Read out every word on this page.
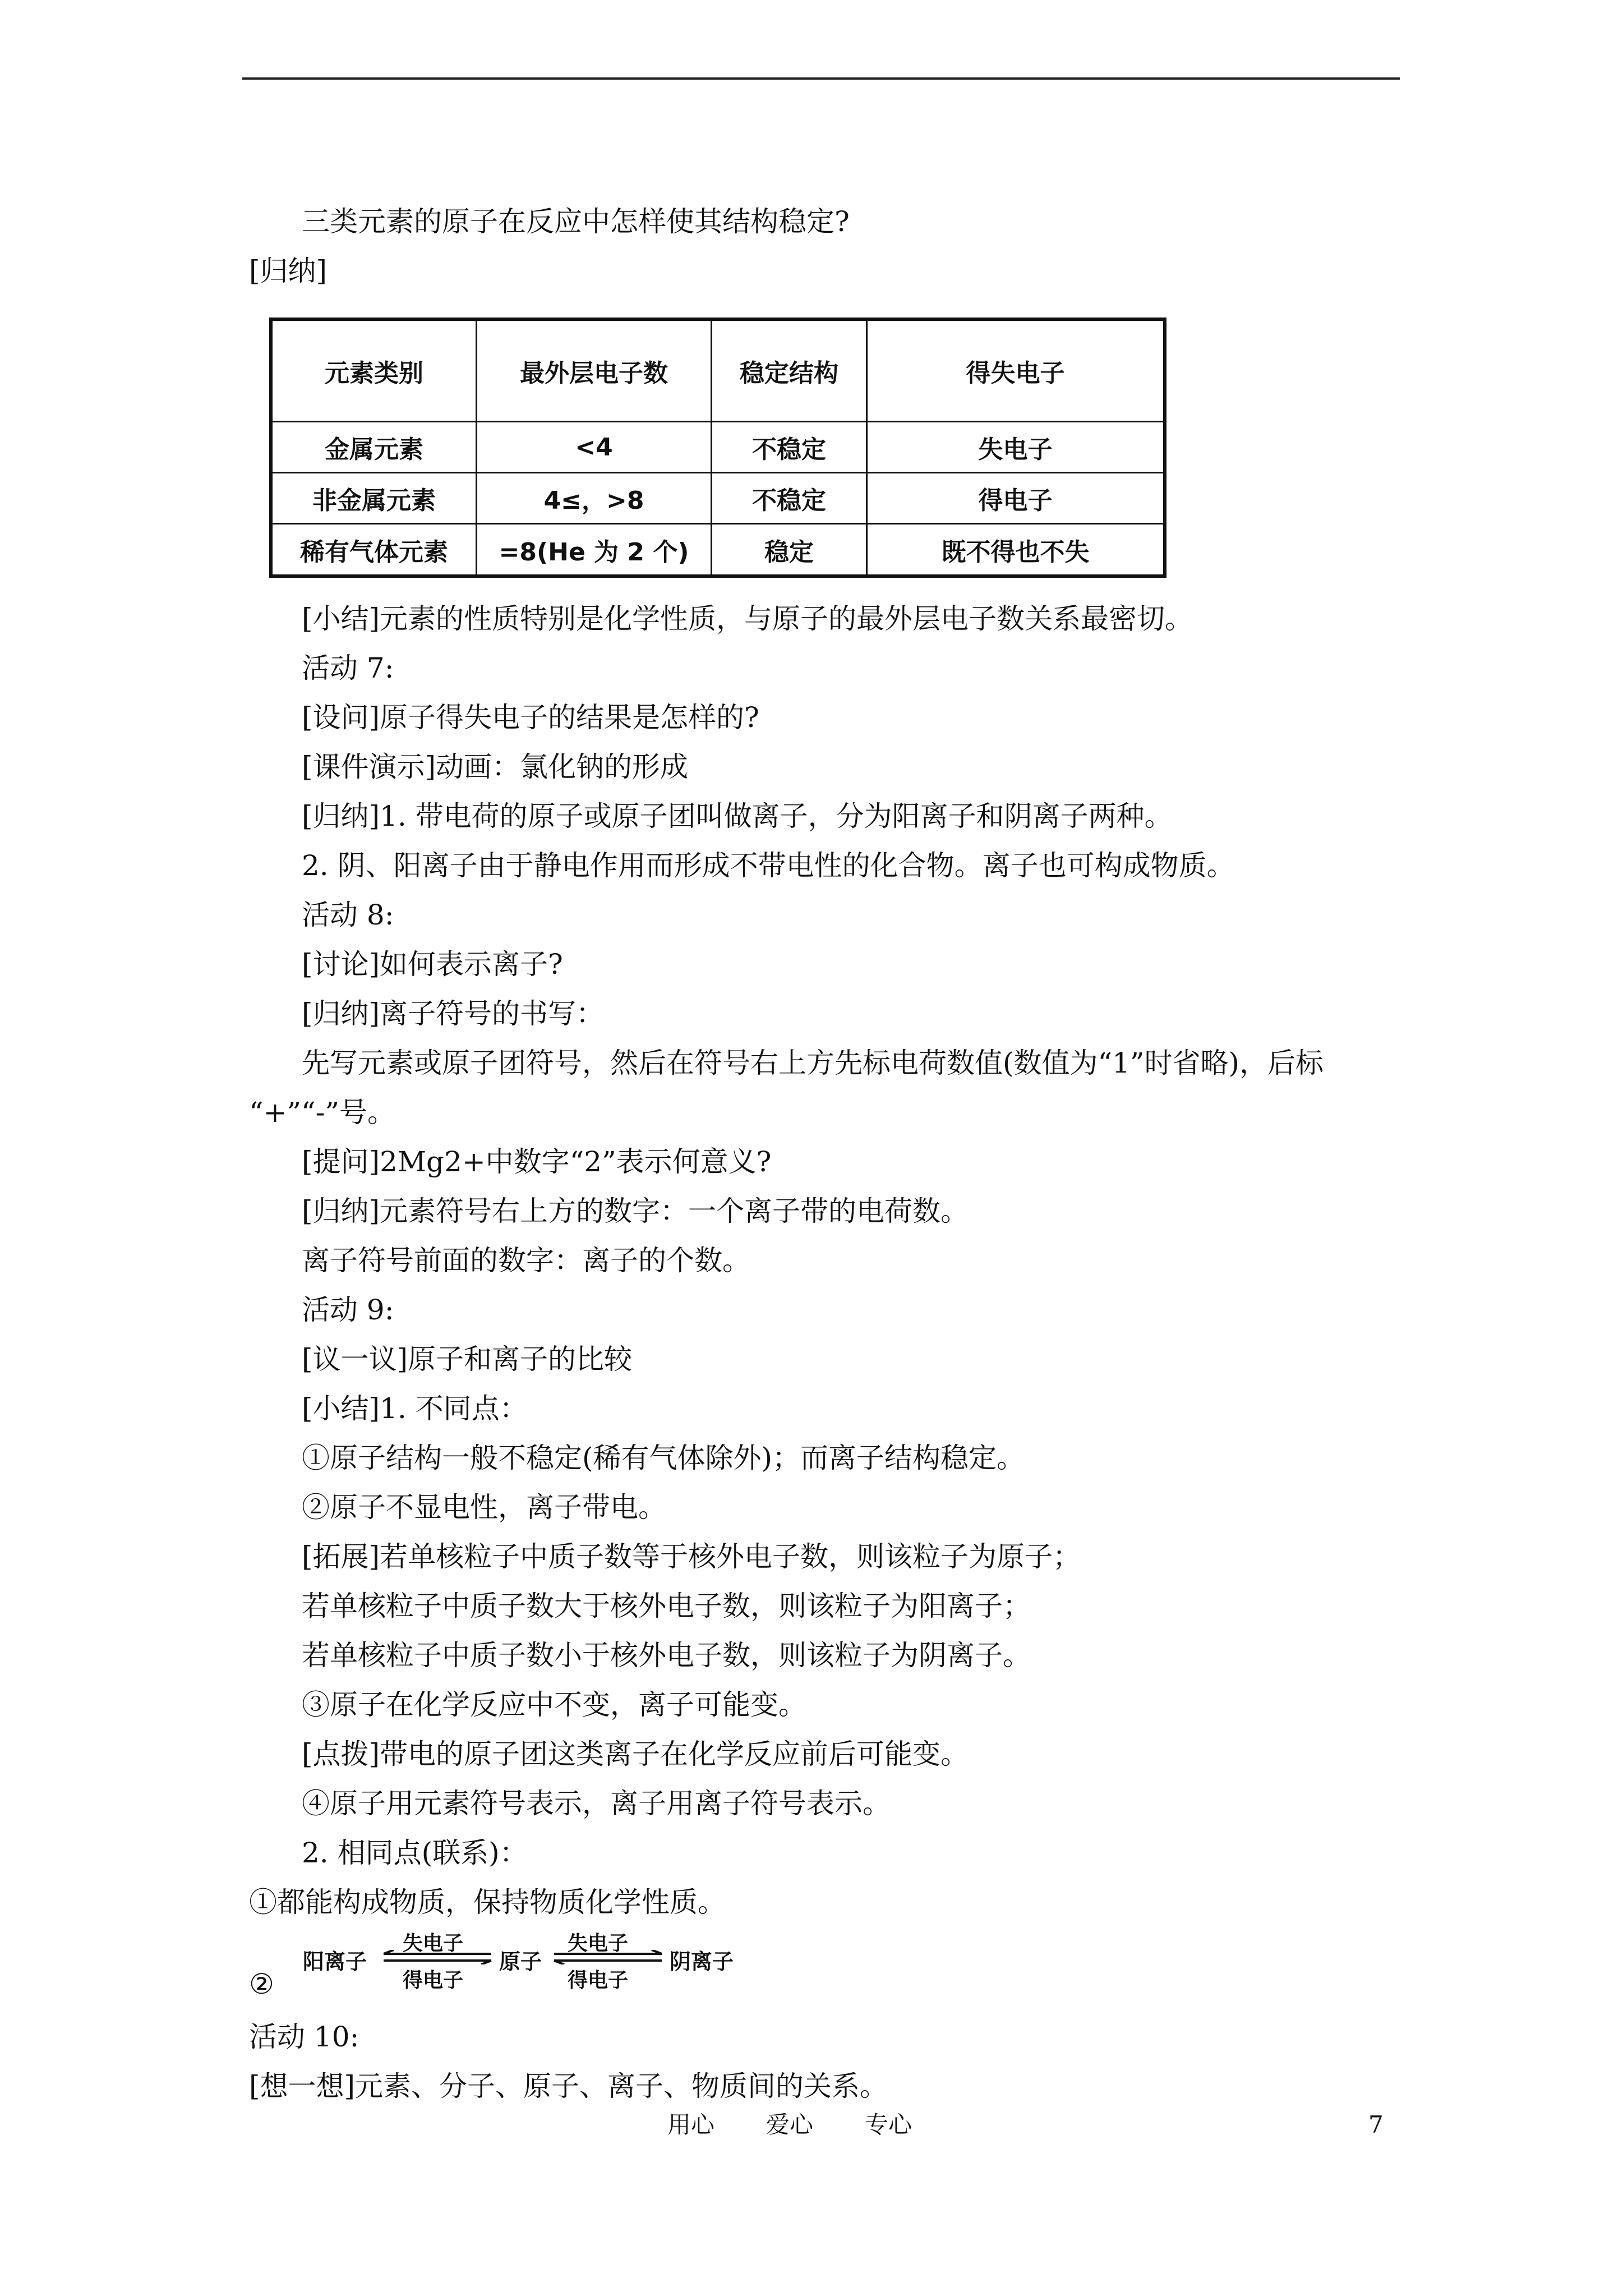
三类元素的原子在反应中怎样使其结构稳定?
[归纳]
元素类别	最外层电子数	稳定结构	得失电子
金属元素	<4	不稳定	失电子
非金属元素	4≤，>8	不稳定	得电子
稀有气体元素	=8(He 为 2 个)	稳定	既不得也不失
[小结]元素的性质特别是化学性质，与原子的最外层电子数关系最密切。
活动 7:
[设问]原子得失电子的结果是怎样的?
[课件演示]动画：氯化钠的形成
[归纳]1. 带电荷的原子或原子团叫做离子，分为阳离子和阴离子两种。
2. 阴、阳离子由于静电作用而形成不带电性的化合物。离子也可构成物质。
活动 8:
[讨论]如何表示离子?
[归纳]离子符号的书写：
先写元素或原子团符号，然后在符号右上方先标电荷数值(数值为“1”时省略)，后标
“+”“-”号。
[提问]2Mg2+中数字“2”表示何意义?
[归纳]元素符号右上方的数字：一个离子带的电荷数。
离子符号前面的数字：离子的个数。
活动 9:
[议一议]原子和离子的比较
[小结]1. 不同点：
①原子结构一般不稳定(稀有气体除外)；而离子结构稳定。
②原子不显电性，离子带电。
[拓展]若单核粒子中质子数等于核外电子数，则该粒子为原子；
若单核粒子中质子数大于核外电子数，则该粒子为阳离子；
若单核粒子中质子数小于核外电子数，则该粒子为阴离子。
③原子在化学反应中不变，离子可能变。
[点拨]带电的原子团这类离子在化学反应前后可能变。
④原子用元素符号表示，离子用离子符号表示。
2. 相同点(联系)：
①都能构成物质，保持物质化学性质。
②
阳离子
失电子
得电子
原子
失电子
得电子
阴离子
活动 10:
[想一想]元素、分子、原子、离子、物质间的关系。
用心 爱心 专心	7
